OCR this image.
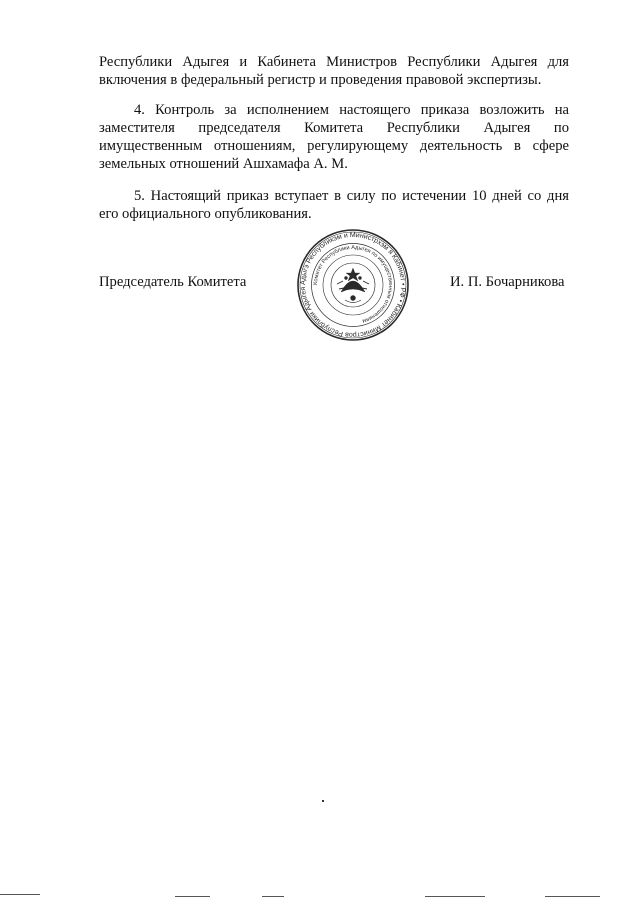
Республики Адыгея и Кабинета Министров Республики Адыгея для включения в федеральный регистр и проведения правовой экспертизы.
4. Контроль за исполнением настоящего приказа возложить на заместителя председателя Комитета Республики Адыгея по имущественным отношениям, регулирующему деятельность в сфере земельных отношений Ашхамафа А. М.
5. Настоящий приказ вступает в силу по истечении 10 дней со дня его официального опубликования.
Председатель Комитета	Адыгэ Республикэм и Министрхэм я Кабинет • РФ • Кабинет Министров Республики Адыгея
Комитет Республики Адыгея по имущественным отношениям
И. П. Бочарникова
